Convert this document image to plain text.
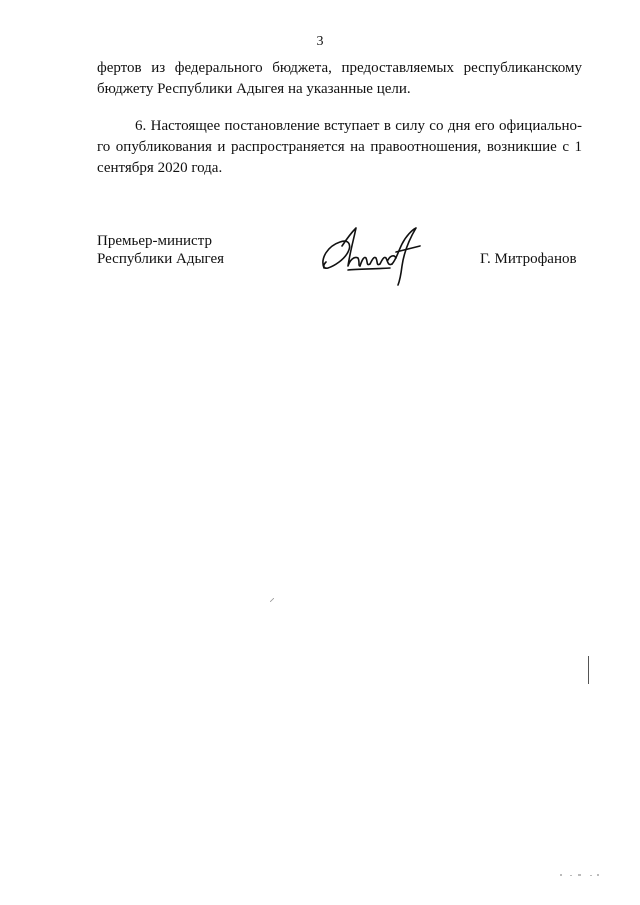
3

фертов из федерального бюджета, предоставляемых республиканскому
бюджету Республики Адыгея на указанные цели.

6. Настоящее постановление вступает в силу со дня его официально-
го опубликования и распространяется на правоотношения, возникшие с 1
сентября 2020 года.

Премьер-министр
Республики Адыгея	Г. Митрофанов
